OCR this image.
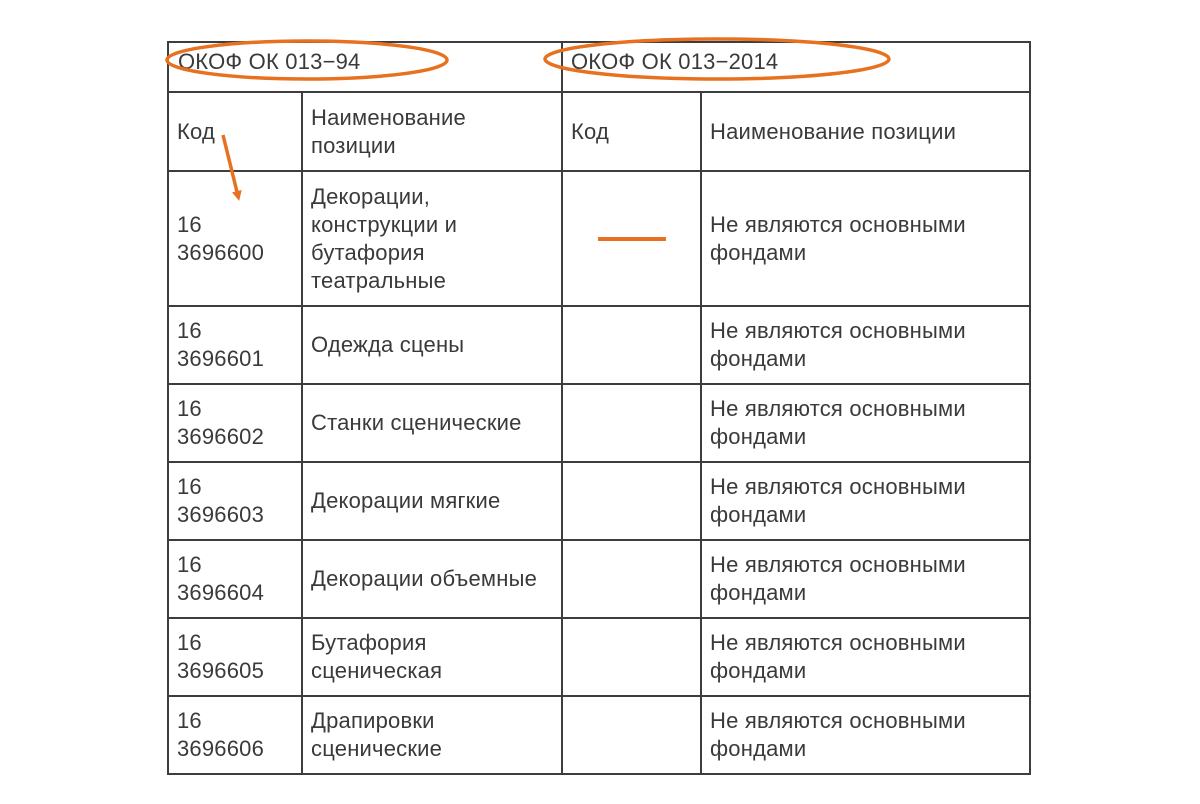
ОКОФ ОК 013−94		ОКОФ ОК 013−2014	
Код	Наименование позиции	Код	Наименование позиции
16 3696600	Декорации, конструкции и бутафория театральные		Не являются основными фондами
16 3696601	Одежда сцены		Не являются основными фондами
16 3696602	Станки сценические		Не являются основными фондами
16 3696603	Декорации мягкие		Не являются основными фондами
16 3696604	Декорации объемные		Не являются основными фондами
16 3696605	Бутафория сценическая		Не являются основными фондами
16 3696606	Драпировки сценические		Не являются основными фондами
